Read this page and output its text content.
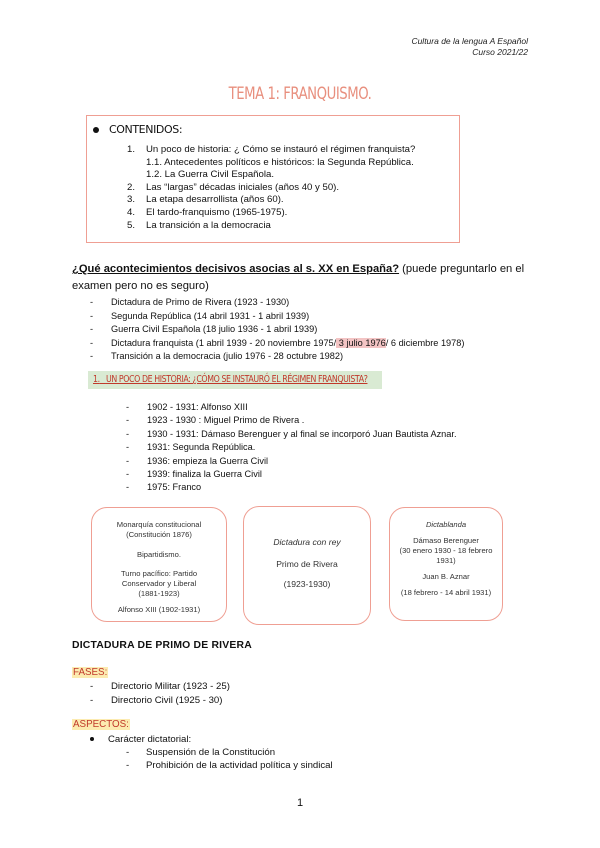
Cultura de la lengua A Español
Curso 2021/22
TEMA 1: FRANQUISMO.
CONTENIDOS:
1. Un poco de historia: ¿ Cómo se instauró el régimen franquista?
1.1. Antecedentes políticos e históricos: la Segunda República.
1.2. La Guerra Civil Española.
2. Las “largas” décadas iniciales (años 40 y 50).
3. La etapa desarrollista (años 60).
4. El tardo-franquismo (1965-1975).
5. La transición a la democracia
¿Qué acontecimientos decisivos asocias al s. XX en España? (puede preguntarlo en el examen pero no es seguro)
- Dictadura de Primo de Rivera (1923 - 1930)
- Segunda República (14 abril 1931 - 1 abril 1939)
- Guerra Civil Española (18 julio 1936 - 1 abril 1939)
- Dictadura franquista (1 abril 1939 - 20 noviembre 1975/ 3 julio 1976/ 6 diciembre 1978)
- Transición a la democracia (julio 1976 - 28 octubre 1982)
1. UN POCO DE HISTORIA: ¿CÓMO SE INSTAURÓ EL RÉGIMEN FRANQUISTA?
- 1902 - 1931: Alfonso XIII
- 1923 - 1930 : Miguel Primo de Rivera .
- 1930 - 1931: Dámaso Berenguer y al final se incorporó Juan Bautista Aznar.
- 1931: Segunda República.
- 1936: empieza la Guerra Civil
- 1939: finaliza la Guerra Civil
- 1975: Franco
Monarquía constitucional
(Constitución 1876)
Bipartidismo.
Turno pacífico: Partido
Conservador y Liberal
(1881-1923)
Alfonso XIII (1902-1931)
Dictadura con rey
Primo de Rivera
(1923-1930)
Dictablanda
Dámaso Berenguer
(30 enero 1930 - 18 febrero
1931)
Juan B. Aznar
(18 febrero - 14 abril 1931)
DICTADURA DE PRIMO DE RIVERA
FASES:
- Directorio Militar (1923 - 25)
- Directorio Civil (1925 - 30)
ASPECTOS:
Carácter dictatorial:
- Suspensión de la Constitución
- Prohibición de la actividad política y sindical
1
